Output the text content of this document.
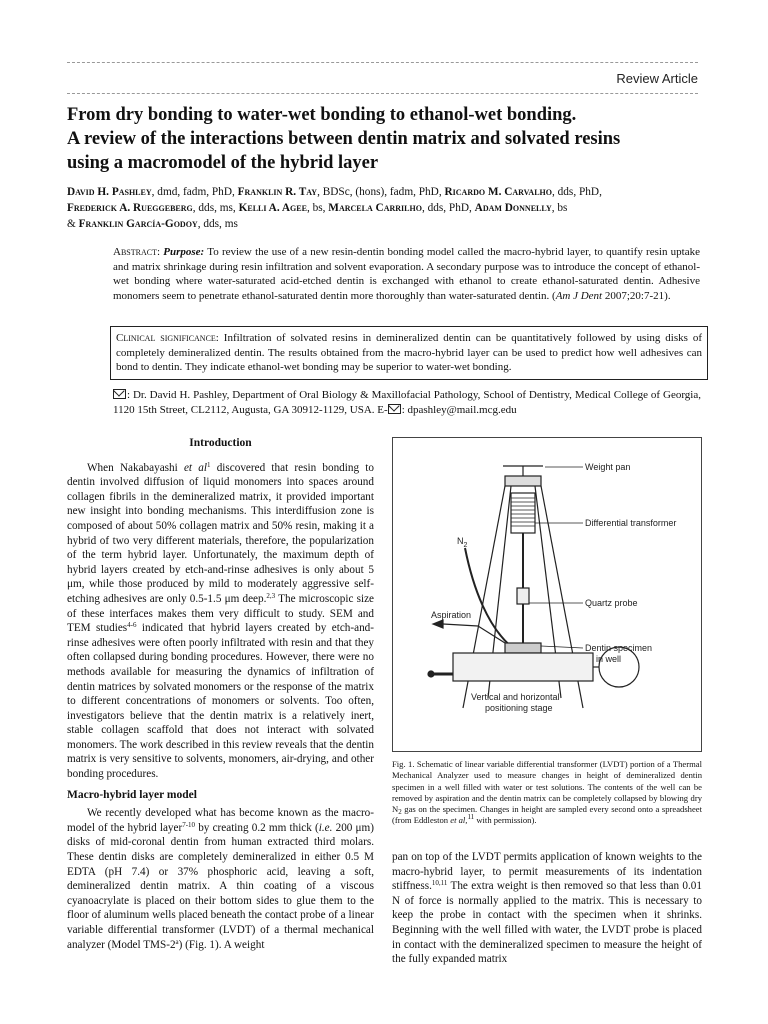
Review Article
From dry bonding to water-wet bonding to ethanol-wet bonding.
A review of the interactions between dentin matrix and solvated resins
using a macromodel of the hybrid layer
David H. Pashley, dmd, fadm, PhD, Franklin R. Tay, BDSc, (hons), fadm, PhD, Ricardo M. Carvalho, dds, PhD,
Frederick A. Rueggeberg, dds, ms, Kelli A. Agee, bs, Marcela Carrilho, dds, PhD, Adam Donnelly, bs
& Franklin García-Godoy, dds, ms
Abstract: Purpose: To review the use of a new resin-dentin bonding model called the macro-hybrid layer, to quantify resin uptake and matrix shrinkage during resin infiltration and solvent evaporation. A secondary purpose was to introduce the concept of ethanol-wet bonding where water-saturated acid-etched dentin is exchanged with ethanol to create ethanol-saturated dentin. Adhesive monomers seem to penetrate ethanol-saturated dentin more thoroughly than water-saturated dentin. (Am J Dent 2007;20:7-21).
Clinical significance: Infiltration of solvated resins in demineralized dentin can be quantitatively followed by using disks of completely demineralized dentin. The results obtained from the macro-hybrid layer can be used to predict how well adhesives can bond to dentin. They indicate ethanol-wet bonding may be superior to water-wet bonding.
: Dr. David H. Pashley, Department of Oral Biology & Maxillofacial Pathology, School of Dentistry, Medical College of Georgia, 1120 15th Street, CL2112, Augusta, GA 30912-1129, USA. E- : dpashley@mail.mcg.edu
Introduction

When Nakabayashi et $al^1$ discovered that resin bonding to dentin involved diffusion of liquid monomers into spaces around collagen fibrils in the demineralized matrix, it provided important new insight into bonding mechanisms. This interdiffusion zone is composed of about 50% collagen matrix and 50% resin, making it a hybrid of two very different materials, therefore, the popularization of the term hybrid layer. Unfortunately, the maximum depth of hybrid layers created by etch-and-rinse adhesives is only about 5 μm, while those produced by mild to moderately aggressive self-etching adhesives are only 0.5-1.5 μm deep.$^{2,3}$ The microscopic size of these interfaces makes them very difficult to study. SEM and TEM studies$^{4-6}$ indicated that hybrid layers created by etch-and-rinse adhesives were often poorly infiltrated with resin and that they often collapsed during bonding procedures. However, there were no methods available for measuring the dynamics of infiltration of dentin matrices by solvated monomers or the response of the matrix to different concentrations of monomers or solvents. Too often, investigators believe that the dentin matrix is a relatively inert, stable collagen scaffold that does not interact with solvated monomers. The work described in this review reveals that the dentin matrix is very sensitive to solvents, monomers, air-drying, and other bonding procedures.

Macro-hybrid layer model

We recently developed what has become known as the macro-model of the hybrid layer$^{7-10}$ by creating 0.2 mm thick (i.e. 200 μm) disks of mid-coronal dentin from human extracted third molars. These dentin disks are completely demineralized in either 0.5 M EDTA (pH 7.4) or 37% phosphoric acid, leaving a soft, demineralized dentin matrix. A thin coating of a viscous cyanoacrylate is placed on their bottom sides to glue them to the floor of aluminum wells placed beneath the contact probe of a linear variable differential transformer (LVDT) of a thermal mechanical analyzer (Model TMS-2$^a$) (Fig. 1). A weight

Weight pan
Differential transformer
$N_2$
Quartz probe
Aspiration
Dentin specimen
in well
Vertical and horizontal
positioning stage
Fig. 1. Schematic of linear variable differential transformer (LVDT) portion of a Thermal Mechanical Analyzer used to measure changes in height of demineralized dentin specimen in a well filled with water or test solutions. The contents of the well can be removed by aspiration and the dentin matrix can be completely collapsed by blowing dry $N_2$ gas on the specimen. Changes in height are sampled every second onto a spreadsheet (from Eddleston et al,$^{11}$ with permission).

pan on top of the LVDT permits application of known weights to the macro-hybrid layer, to permit measurements of its indentation stiffness.$^{10,11}$ The extra weight is then removed so that less than 0.01 N of force is normally applied to the matrix. This is necessary to keep the probe in contact with the specimen when it shrinks. Beginning with the well filled with water, the LVDT probe is placed in contact with the demineralized specimen to measure the height of the fully expanded matrix
